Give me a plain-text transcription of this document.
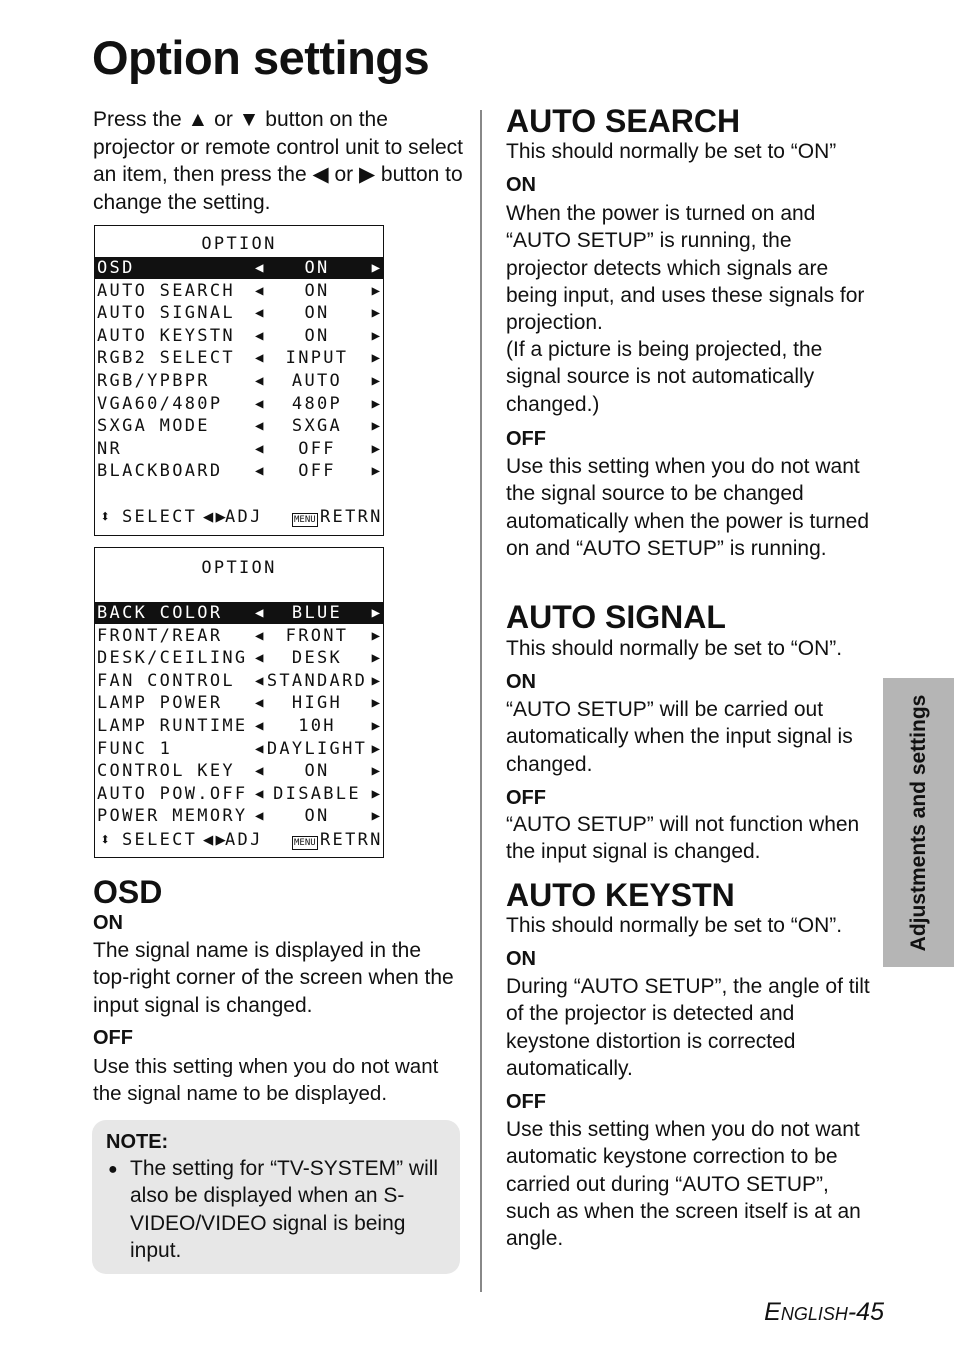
Option settings
Press the ▲ or ▼ button on the projector or remote control unit to select an item, then press the ◀ or ▶ button to change the setting.
OPTION
OSD	◀	ON	▶
AUTO SEARCH ◀	ON	▶
AUTO SIGNAL ◀	ON	▶
AUTO KEYSTN ◀	ON	▶
RGB2 SELECT ◀	INPUT	▶
RGB/YPBPR	◀	AUTO	▶
VGA60/480P ◀	480P	▶
SXGA MODE	◀	SXGA	▶
NR	◀	OFF	▶
BLACKBOARD ◀	OFF	▶

⬍

SELECT

◀▶

ADJ

	MENU

RETRN

OPTION
BACK COLOR ◀	BLUE	▶
FRONT/REAR ◀	FRONT	▶
DESK/CEILING ◀	DESK	▶
FAN CONTROL ◀ STANDARD ▶
LAMP POWER ◀	HIGH	▶
LAMP RUNTIME ◀	10H	▶
FUNC 1	◀ DAYLIGHT ▶
CONTROL KEY ◀	ON	▶
AUTO POW.OFF ◀ DISABLE ▶
POWER MEMORY ◀	ON	▶

⬍

SELECT

◀▶

ADJ

	MENU

RETRN

OSD
ON
The signal name is displayed in the top-right corner of the screen when the input signal is changed.
OFF
Use this setting when you do not want the signal name to be displayed.
NOTE:
● The setting for “TV-SYSTEM” will also be displayed when an S-VIDEO/VIDEO signal is being input.
AUTO SEARCH
This should normally be set to “ON”
ON
When the power is turned on and “AUTO SETUP” is running, the projector detects which signals are being input, and uses these signals for projection.
(If a picture is being projected, the signal source is not automatically changed.)
OFF
Use this setting when you do not want the signal source to be changed automatically when the power is turned on and “AUTO SETUP” is running.
AUTO SIGNAL
This should normally be set to “ON”.
ON
“AUTO SETUP” will be carried out automatically when the input signal is changed.
OFF
“AUTO SETUP” will not function when the input signal is changed.
AUTO KEYSTN
This should normally be set to “ON”.
ON
During “AUTO SETUP”, the angle of tilt of the projector is detected and keystone distortion is corrected automatically.
OFF
Use this setting when you do not want automatic keystone correction to be carried out during “AUTO SETUP”, such as when the screen itself is at an angle.
Adjustments and settings
ENGLISH-45
